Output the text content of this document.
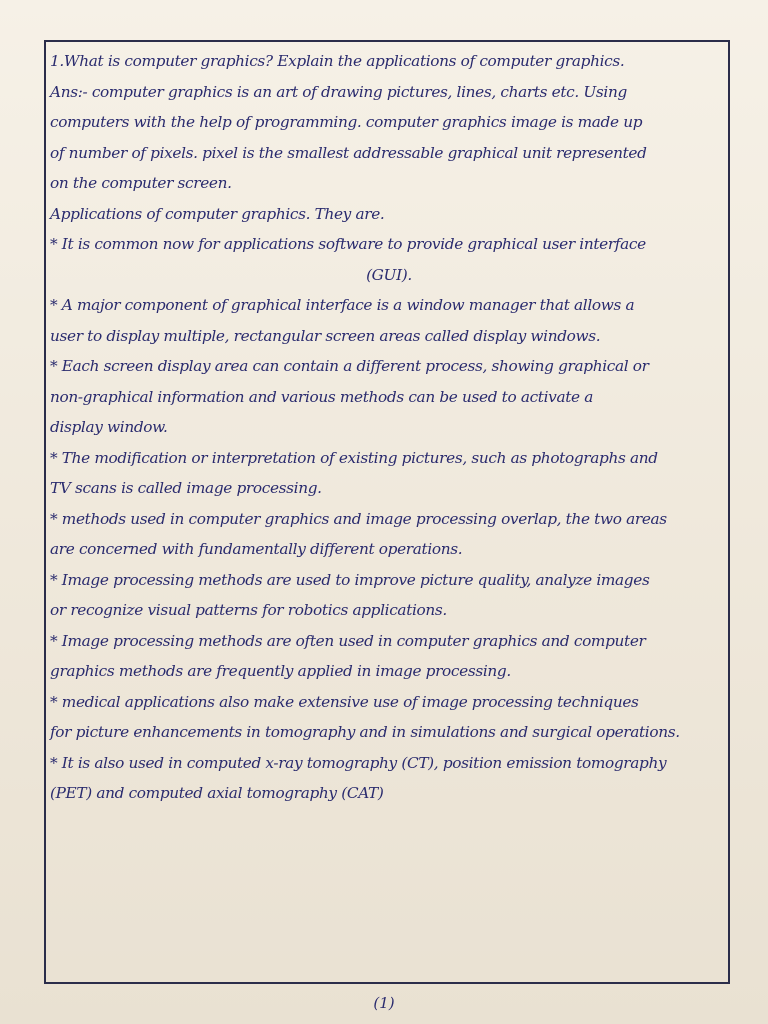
1.What is computer graphics? Explain the applications of computer graphics.
Ans:- computer graphics is an art of drawing pictures, lines, charts etc. Using
computers with the help of programming. computer graphics image is made up
of number of pixels. pixel is the smallest addressable graphical unit represented
on the computer screen.
Applications of computer graphics. They are.
* It is common now for applications software to provide graphical user interface
(GUI).
* A major component of graphical interface is a window manager that allows a
user to display multiple, rectangular screen areas called display windows.
* Each screen display area can contain a different process, showing graphical or
non-graphical information and various methods can be used to activate a
display window.
* The modification or interpretation of existing pictures, such as photographs and
TV scans is called image processing.
* methods used in computer graphics and image processing overlap, the two areas
are concerned with fundamentally different operations.
* Image processing methods are used to improve picture quality, analyze images
or recognize visual patterns for robotics applications.
* Image processing methods are often used in computer graphics and computer
graphics methods are frequently applied in image processing.
* medical applications also make extensive use of image processing techniques
for picture enhancements in tomography and in simulations and surgical operations.
* It is also used in computed x-ray tomography (CT), position emission tomography
(PET) and computed axial tomography (CAT)
(1)
